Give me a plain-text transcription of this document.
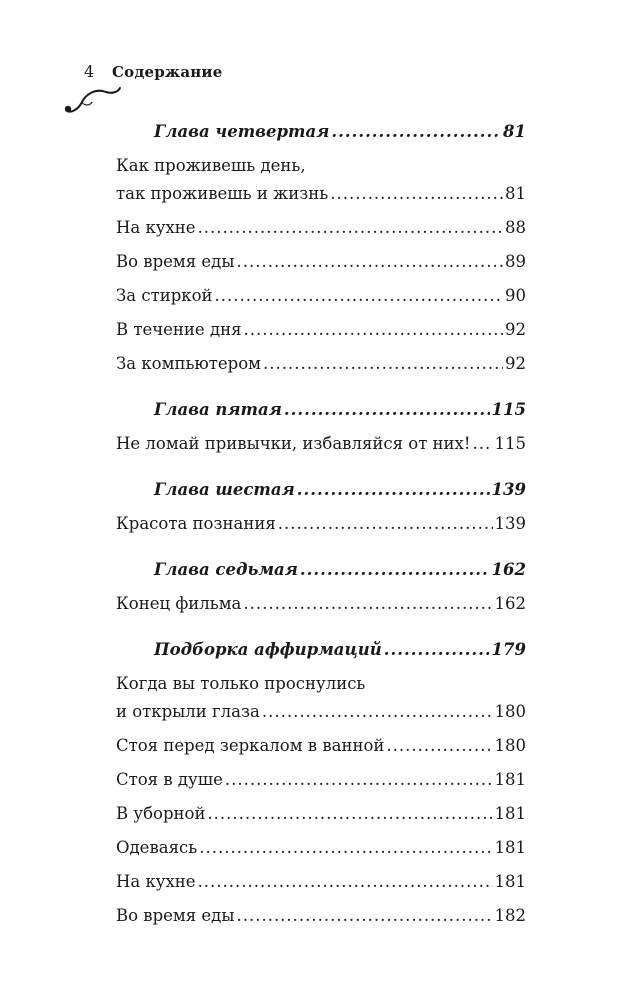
4	Содержание
Глава четвертая .....	81
Как проживешь день,
так проживешь и жизнь .....	81
На кухне .....	88
Во время еды .....	89
За стиркой .....	90
В течение дня .....	92
За компьютером .....	92
Глава пятая .....	115
Не ломай привычки, избавляйся от них! ..... 115
Глава шестая .....	139
Красота познания .....	139
Глава седьмая .....	162
Конец фильма .....	162
Подборка аффирмаций .....	179
Когда вы только проснулись
и открыли глаза .....	180
Стоя перед зеркалом в ванной .....	180
Стоя в душе .....	181
В уборной .....	181
Одеваясь .....	181
На кухне .....	181
Во время еды .....	182
